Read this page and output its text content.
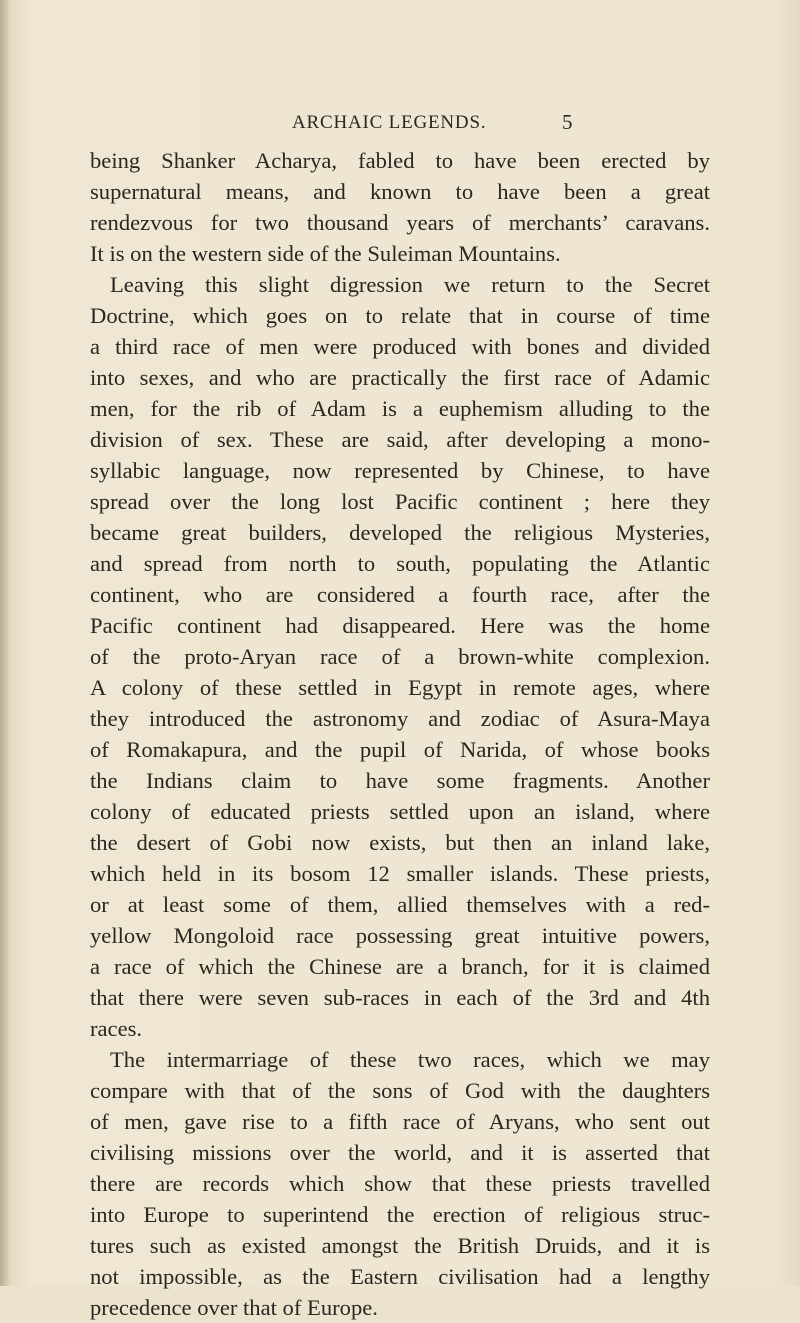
ARCHAIC LEGENDS.	5
being Shanker Acharya, fabled to have been erected by
supernatural means, and known to have been a great
rendezvous for two thousand years of merchants’ caravans.
It is on the western side of the Suleiman Mountains.
Leaving this slight digression we return to the Secret
Doctrine, which goes on to relate that in course of time
a third race of men were produced with bones and divided
into sexes, and who are practically the first race of Adamic
men, for the rib of Adam is a euphemism alluding to the
division of sex. These are said, after developing a mono-
syllabic language, now represented by Chinese, to have
spread over the long lost Pacific continent ; here they
became great builders, developed the religious Mysteries,
and spread from north to south, populating the Atlantic
continent, who are considered a fourth race, after the
Pacific continent had disappeared. Here was the home
of the proto-Aryan race of a brown-white complexion.
A colony of these settled in Egypt in remote ages, where
they introduced the astronomy and zodiac of Asura-Maya
of Romakapura, and the pupil of Narida, of whose books
the Indians claim to have some fragments. Another
colony of educated priests settled upon an island, where
the desert of Gobi now exists, but then an inland lake,
which held in its bosom 12 smaller islands. These priests,
or at least some of them, allied themselves with a red-
yellow Mongoloid race possessing great intuitive powers,
a race of which the Chinese are a branch, for it is claimed
that there were seven sub-races in each of the 3rd and 4th
races.
The intermarriage of these two races, which we may
compare with that of the sons of God with the daughters
of men, gave rise to a fifth race of Aryans, who sent out
civilising missions over the world, and it is asserted that
there are records which show that these priests travelled
into Europe to superintend the erection of religious struc-
tures such as existed amongst the British Druids, and it is
not impossible, as the Eastern civilisation had a lengthy
precedence over that of Europe.
